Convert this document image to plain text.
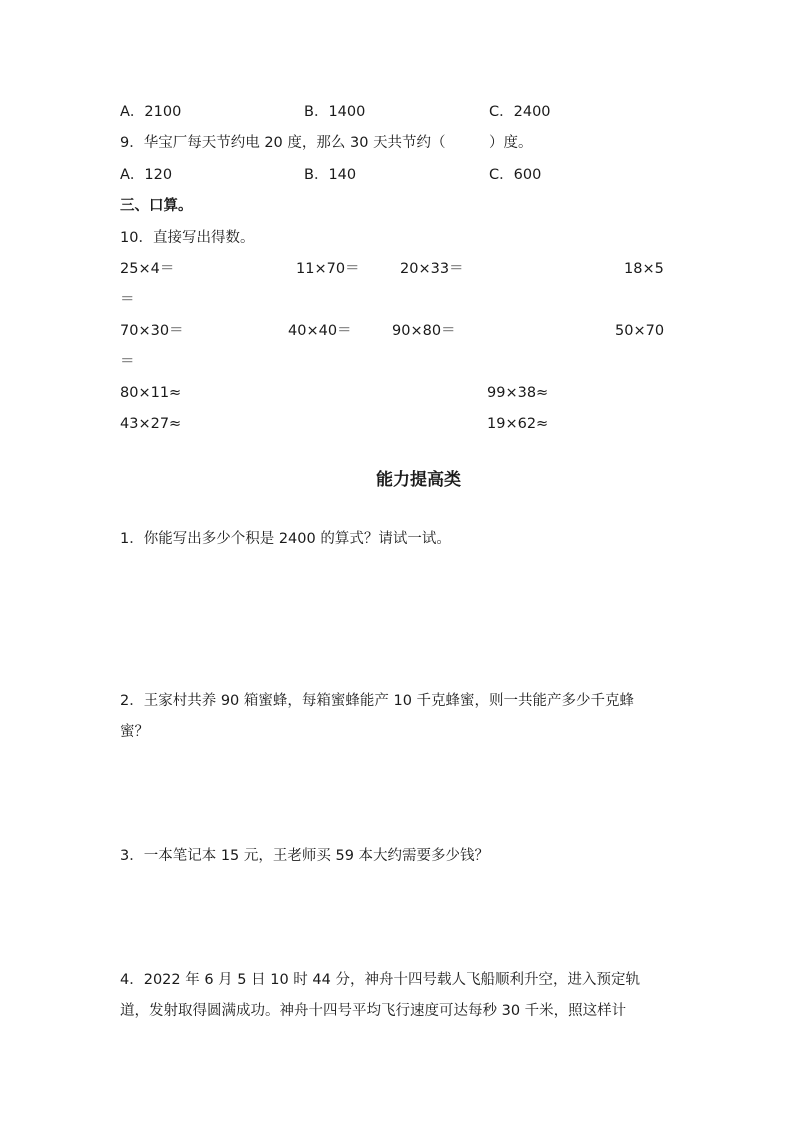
A．2100	B．1400	C．2400
9．华宝厂每天节约电 20 度，那么 30 天共节约（　　　）度。
A．120	B．140	C．600
三、口算。
10．直接写出得数。
25×4＝	11×70＝	20×33＝	18×5
＝
70×30＝	40×40＝	90×80＝	50×70
＝
80×11≈	99×38≈
43×27≈	19×62≈
能力提高类
1．你能写出多少个积是 2400 的算式？请试一试。
2．王家村共养 90 箱蜜蜂，每箱蜜蜂能产 10 千克蜂蜜，则一共能产多少千克蜂
蜜？
3．一本笔记本 15 元，王老师买 59 本大约需要多少钱？
4．2022 年 6 月 5 日 10 时 44 分，神舟十四号载人飞船顺利升空，进入预定轨
道，发射取得圆满成功。神舟十四号平均飞行速度可达每秒 30 千米，照这样计
